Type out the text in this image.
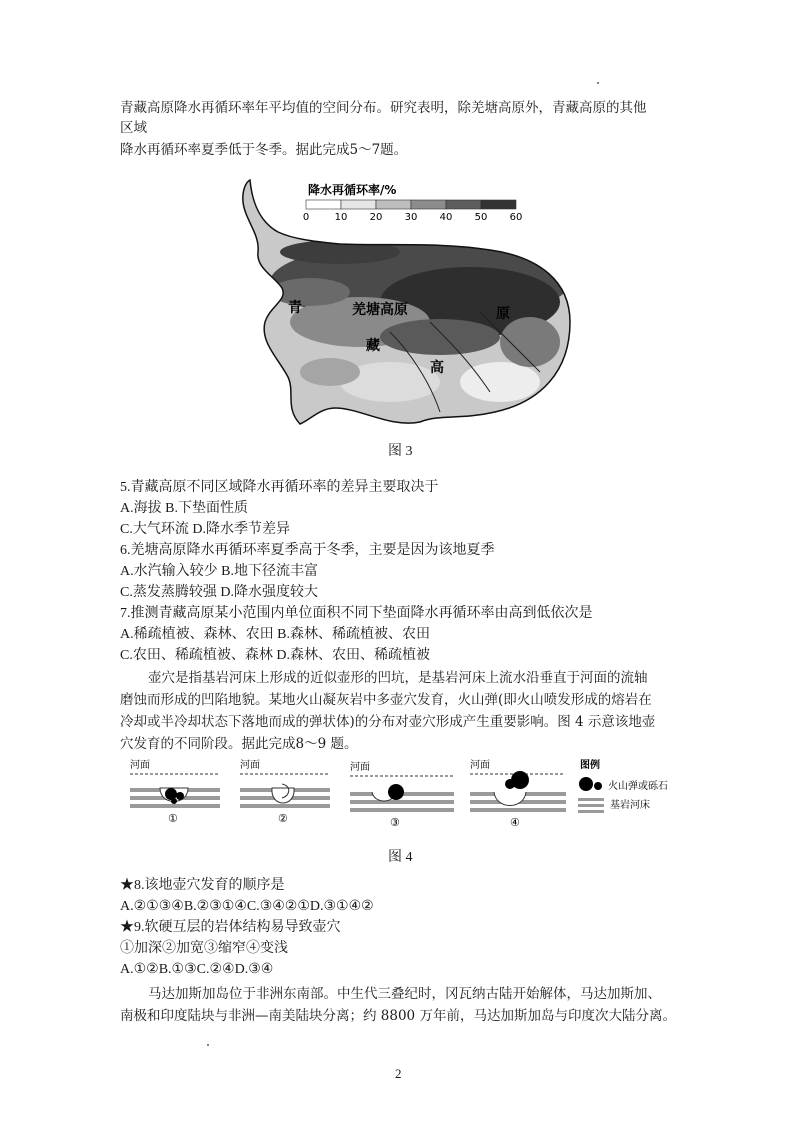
青藏高原降水再循环率年平均值的空间分布。研究表明，除羌塘高原外，青藏高原的其他
区域
降水再循环率夏季低于冬季。据此完成5～7题。
降水再循环率/%
0	10 20 30 40 50 60
青	羌塘高原	原
藏
高
图 3
5.青藏高原不同区域降水再循环率的差异主要取决于
A.海拔 B.下垫面性质
C.大气环流 D.降水季节差异
6.羌塘高原降水再循环率夏季高于冬季，主要是因为该地夏季
A.水汽输入较少 B.地下径流丰富
C.蒸发蒸腾较强 D.降水强度较大
7.推测青藏高原某小范围内单位面积不同下垫面降水再循环率由高到低依次是
A.稀疏植被、森林、农田 B.森林、稀疏植被、农田
C.农田、稀疏植被、森林 D.森林、农田、稀疏植被
壶穴是指基岩河床上形成的近似壶形的凹坑，是基岩河床上流水沿垂直于河面的流轴
磨蚀而形成的凹陷地貌。某地火山凝灰岩中多壶穴发育，火山弹(即火山喷发形成的熔岩在
冷却或半冷却状态下落地而成的弹状体)的分布对壶穴形成产生重要影响。图 4 示意该地壶
穴发育的不同阶段。据此完成8～9 题。
河面
①
河面
②
河面
③
河面
④
图例
火山弹或砾石
基岩河床
图 4
★8.该地壶穴发育的顺序是
A.②①③④B.②③①④C.③④②①D.③①④②
★9.软硬互层的岩体结构易导致壶穴
①加深②加宽③缩窄④变浅
A.①②B.①③C.②④D.③④
马达加斯加岛位于非洲东南部。中生代三叠纪时，冈瓦纳古陆开始解体，马达加斯加、
南极和印度陆块与非洲—南美陆块分离；约 8800 万年前，马达加斯加岛与印度次大陆分离。
2
